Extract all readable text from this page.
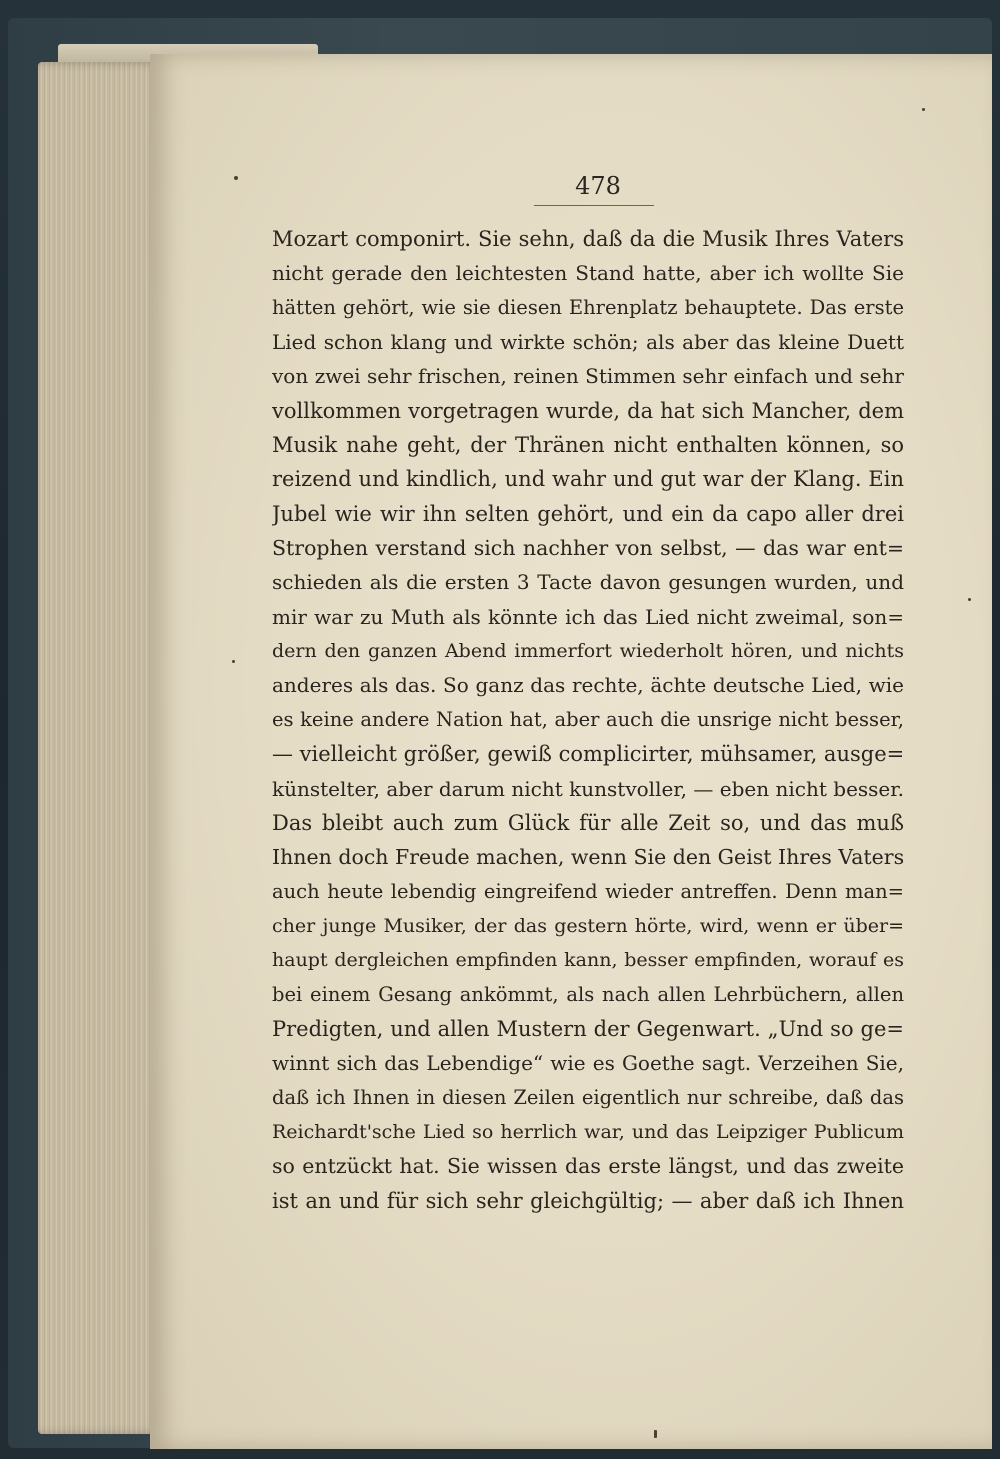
478
Mozart componirt. Sie sehn, daß da die Musik Ihres Vaters
nicht gerade den leichtesten Stand hatte, aber ich wollte Sie
hätten gehört, wie sie diesen Ehrenplatz behauptete. Das erste
Lied schon klang und wirkte schön; als aber das kleine Duett
von zwei sehr frischen, reinen Stimmen sehr einfach und sehr
vollkommen vorgetragen wurde, da hat sich Mancher, dem
Musik nahe geht, der Thränen nicht enthalten können, so
reizend und kindlich, und wahr und gut war der Klang. Ein
Jubel wie wir ihn selten gehört, und ein da capo aller drei
Strophen verstand sich nachher von selbst, — das war ent=
schieden als die ersten 3 Tacte davon gesungen wurden, und
mir war zu Muth als könnte ich das Lied nicht zweimal, son=
dern den ganzen Abend immerfort wiederholt hören, und nichts
anderes als das. So ganz das rechte, ächte deutsche Lied, wie
es keine andere Nation hat, aber auch die unsrige nicht besser,
— vielleicht größer, gewiß complicirter, mühsamer, ausge=
künstelter, aber darum nicht kunstvoller, — eben nicht besser.
Das bleibt auch zum Glück für alle Zeit so, und das muß
Ihnen doch Freude machen, wenn Sie den Geist Ihres Vaters
auch heute lebendig eingreifend wieder antreffen. Denn man=
cher junge Musiker, der das gestern hörte, wird, wenn er über=
haupt dergleichen empfinden kann, besser empfinden, worauf es
bei einem Gesang ankömmt, als nach allen Lehrbüchern, allen
Predigten, und allen Mustern der Gegenwart. „Und so ge=
winnt sich das Lebendige“ wie es Goethe sagt. Verzeihen Sie,
daß ich Ihnen in diesen Zeilen eigentlich nur schreibe, daß das
Reichardt'sche Lied so herrlich war, und das Leipziger Publicum
so entzückt hat. Sie wissen das erste längst, und das zweite
ist an und für sich sehr gleichgültig; — aber daß ich Ihnen
